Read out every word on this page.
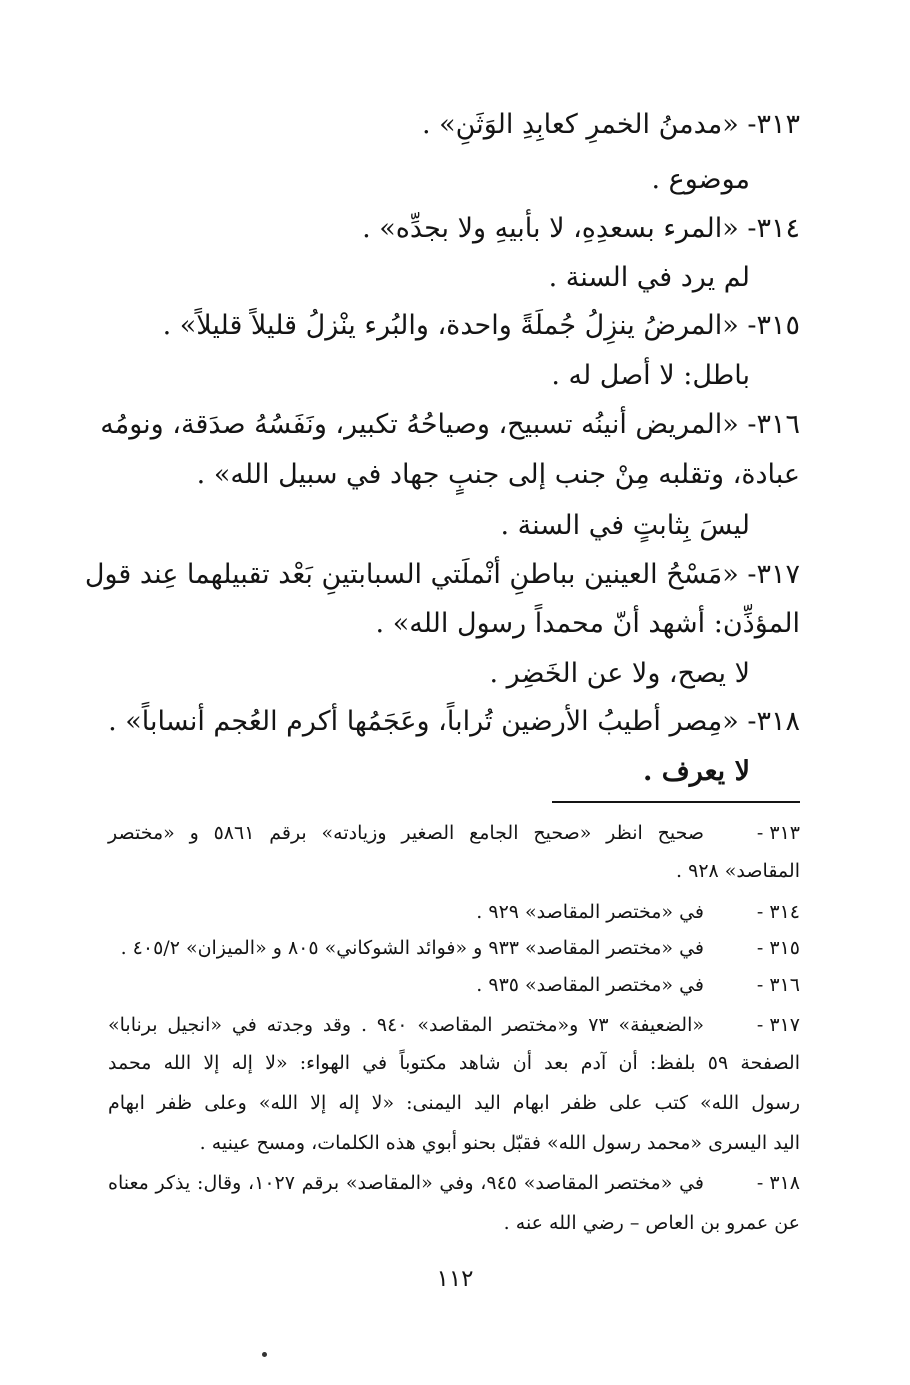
٣١٣- «مدمنُ الخمرِ كعابِدِ الوَثَنِ» .
موضوع .
٣١٤- «المرء بسعدِهِ، لا بأبيهِ ولا بجدِّه» .
لم يرد في السنة .
٣١٥- «المرضُ ينزِلُ جُملَةً واحدة، والبُرء ينْزلُ قليلاً قليلاً» .
باطل: لا أصل له .
٣١٦- «المريض أنينُه تسبيح، وصياحُهُ تكبير، ونَفَسُهُ صدَقة، ونومُه
عبادة، وتقلبه مِنْ جنب إلى جنبٍ جهاد في سبيل الله» .
ليسَ بِثابتٍ في السنة .
٣١٧- «مَسْحُ العينين بباطنِ أنْملَتي السبابتينِ بَعْد تقبيلهما عِند قول
المؤذِّن: أشهد أنّ محمداً رسول الله» .
لا يصح، ولا عن الخَضِر .
٣١٨- «مِصر أطيبُ الأرضين تُراباً، وعَجَمُها أكرم العُجم أنساباً» .
لا يعرف .
٣١٣ -
صحيح انظر «صحيح الجامع الصغير وزيادته» برقم ٥٨٦١ و «مختصر
المقاصد» ٩٢٨ .
٣١٤ -
في «مختصر المقاصد» ٩٢٩ .
٣١٥ -
في «مختصر المقاصد» ٩٣٣ و «فوائد الشوكاني» ٨٠٥ و «الميزان» ٤٠٥/٢ .
٣١٦ -
في «مختصر المقاصد» ٩٣٥ .
٣١٧ -
«الضعيفة» ٧٣ و«مختصر المقاصد» ٩٤٠ . وقد وجدته في «انجيل برنابا»
الصفحة ٥٩ بلفظ: أن آدم بعد أن شاهد مكتوباً في الهواء: «لا إله إلا الله محمد
رسول الله» كتب على ظفر ابهام اليد اليمنى: «لا إله إلا الله» وعلى ظفر ابهام
اليد اليسرى «محمد رسول الله» فقبّل بحنو أبوي هذه الكلمات، ومسح عينيه .
٣١٨ -
في «مختصر المقاصد» ٩٤٥، وفي «المقاصد» برقم ١٠٢٧، وقال: يذكر معناه
عن عمرو بن العاص – رضي الله عنه .
١١٢
